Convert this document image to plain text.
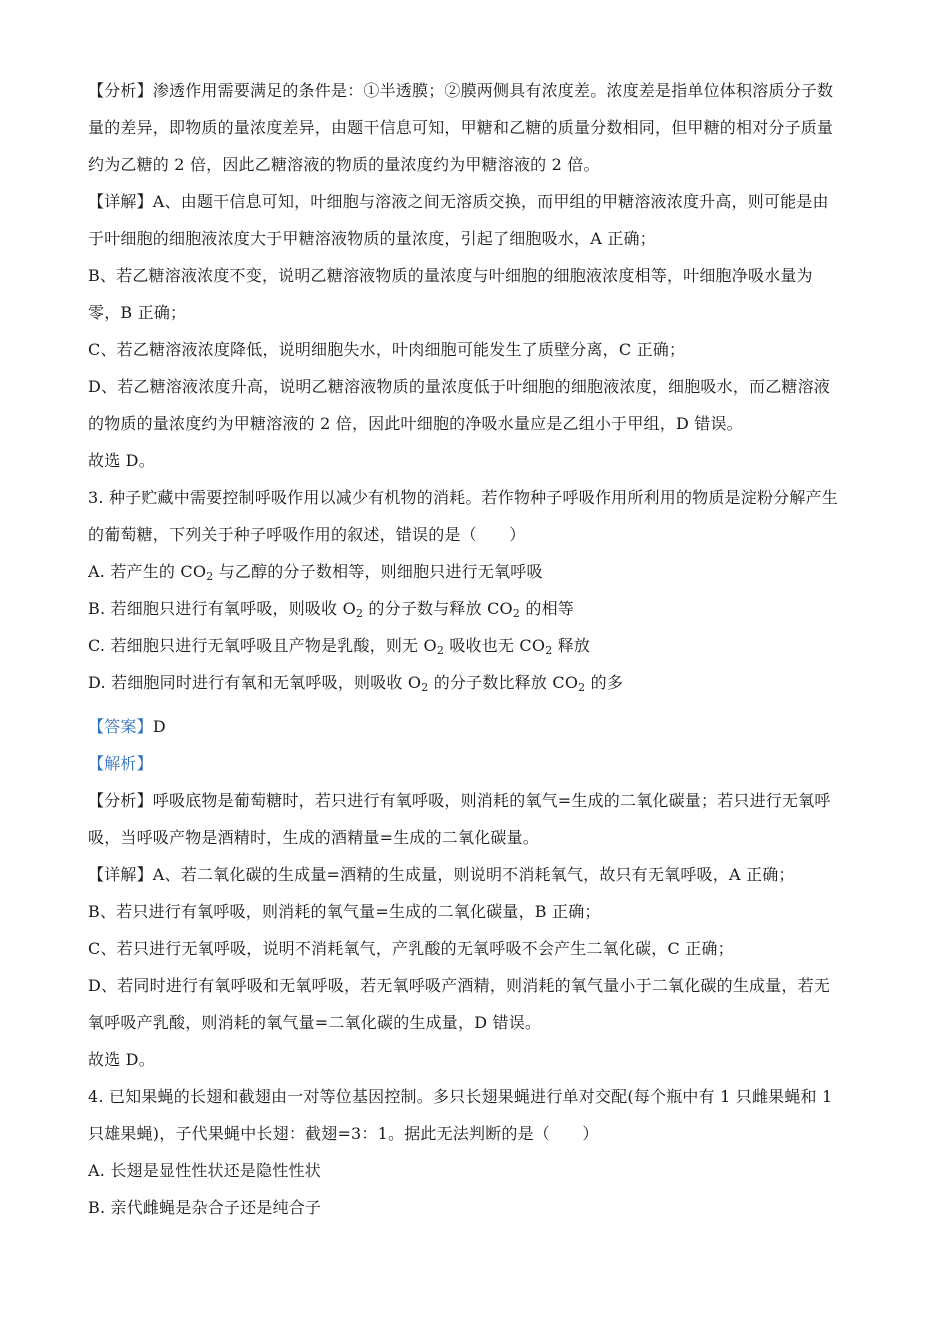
【分析】渗透作用需要满足的条件是：①半透膜；②膜两侧具有浓度差。浓度差是指单位体积溶质分子数
量的差异，即物质的量浓度差异，由题干信息可知，甲糖和乙糖的质量分数相同，但甲糖的相对分子质量
约为乙糖的 2 倍，因此乙糖溶液的物质的量浓度约为甲糖溶液的 2 倍。
【详解】A、由题干信息可知，叶细胞与溶液之间无溶质交换，而甲组的甲糖溶液浓度升高，则可能是由
于叶细胞的细胞液浓度大于甲糖溶液物质的量浓度，引起了细胞吸水，A 正确；
B、若乙糖溶液浓度不变，说明乙糖溶液物质的量浓度与叶细胞的细胞液浓度相等，叶细胞净吸水量为
零，B 正确；
C、若乙糖溶液浓度降低，说明细胞失水，叶肉细胞可能发生了质壁分离，C 正确；
D、若乙糖溶液浓度升高，说明乙糖溶液物质的量浓度低于叶细胞的细胞液浓度，细胞吸水，而乙糖溶液
的物质的量浓度约为甲糖溶液的 2 倍，因此叶细胞的净吸水量应是乙组小于甲组，D 错误。
故选 D。
3. 种子贮藏中需要控制呼吸作用以减少有机物的消耗。若作物种子呼吸作用所利用的物质是淀粉分解产生
的葡萄糖，下列关于种子呼吸作用的叙述，错误的是（　　）
A. 若产生的 $CO_2$ 与乙醇的分子数相等，则细胞只进行无氧呼吸
B. 若细胞只进行有氧呼吸，则吸收 $O_2$ 的分子数与释放 $CO_2$ 的相等
C. 若细胞只进行无氧呼吸且产物是乳酸，则无 $O_2$ 吸收也无 $CO_2$ 释放
D. 若细胞同时进行有氧和无氧呼吸，则吸收 $O_2$ 的分子数比释放 $CO_2$ 的多
【答案】D
【解析】
【分析】呼吸底物是葡萄糖时，若只进行有氧呼吸，则消耗的氧气=生成的二氧化碳量；若只进行无氧呼
吸，当呼吸产物是酒精时，生成的酒精量=生成的二氧化碳量。
【详解】A、若二氧化碳的生成量=酒精的生成量，则说明不消耗氧气，故只有无氧呼吸，A 正确；
B、若只进行有氧呼吸，则消耗的氧气量=生成的二氧化碳量，B 正确；
C、若只进行无氧呼吸，说明不消耗氧气，产乳酸的无氧呼吸不会产生二氧化碳，C 正确；
D、若同时进行有氧呼吸和无氧呼吸，若无氧呼吸产酒精，则消耗的氧气量小于二氧化碳的生成量，若无
氧呼吸产乳酸，则消耗的氧气量=二氧化碳的生成量，D 错误。
故选 D。
4. 已知果蝇的长翅和截翅由一对等位基因控制。多只长翅果蝇进行单对交配(每个瓶中有 1 只雌果蝇和 1
只雄果蝇)，子代果蝇中长翅：截翅=3：1。据此无法判断的是（　　）
A. 长翅是显性性状还是隐性性状
B. 亲代雌蝇是杂合子还是纯合子
